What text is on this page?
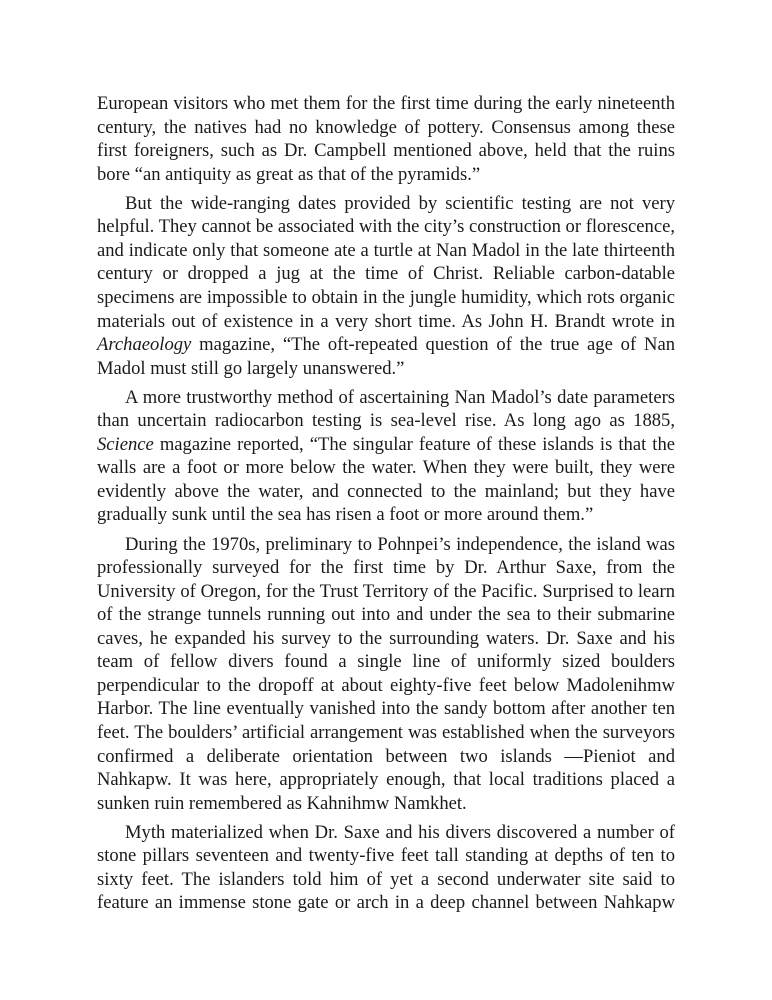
European visitors who met them for the first time during the early nineteenth century, the natives had no knowledge of pottery. Consensus among these first foreigners, such as Dr. Campbell mentioned above, held that the ruins bore “an antiquity as great as that of the pyramids.”

But the wide-ranging dates provided by scientific testing are not very helpful. They cannot be associated with the city’s construction or florescence, and indicate only that someone ate a turtle at Nan Madol in the late thirteenth century or dropped a jug at the time of Christ. Reliable carbon-datable specimens are impossible to obtain in the jungle humidity, which rots organic materials out of existence in a very short time. As John H. Brandt wrote in Archaeology magazine, “The oft-repeated question of the true age of Nan Madol must still go largely unanswered.”

A more trustworthy method of ascertaining Nan Madol’s date parameters than uncertain radiocarbon testing is sea-level rise. As long ago as 1885, Science magazine reported, “The singular feature of these islands is that the walls are a foot or more below the water. When they were built, they were evidently above the water, and connected to the mainland; but they have gradually sunk until the sea has risen a foot or more around them.”

During the 1970s, preliminary to Pohnpei’s independence, the island was professionally surveyed for the first time by Dr. Arthur Saxe, from the University of Oregon, for the Trust Territory of the Pacific. Surprised to learn of the strange tunnels running out into and under the sea to their submarine caves, he expanded his survey to the surrounding waters. Dr. Saxe and his team of fellow divers found a single line of uniformly sized boulders perpendicular to the dropoff at about eighty-five feet below Madolenihmw Harbor. The line eventually vanished into the sandy bottom after another ten feet. The boulders’ artificial arrangement was established when the surveyors confirmed a deliberate orientation between two islands —Pieniot and Nahkapw. It was here, appropriately enough, that local traditions placed a sunken ruin remembered as Kahnihmw Namkhet.

Myth materialized when Dr. Saxe and his divers discovered a number of stone pillars seventeen and twenty-five feet tall standing at depths of ten to sixty feet. The islanders told him of yet a second underwater site said to feature an immense stone gate or arch in a deep channel between Nahkapw
